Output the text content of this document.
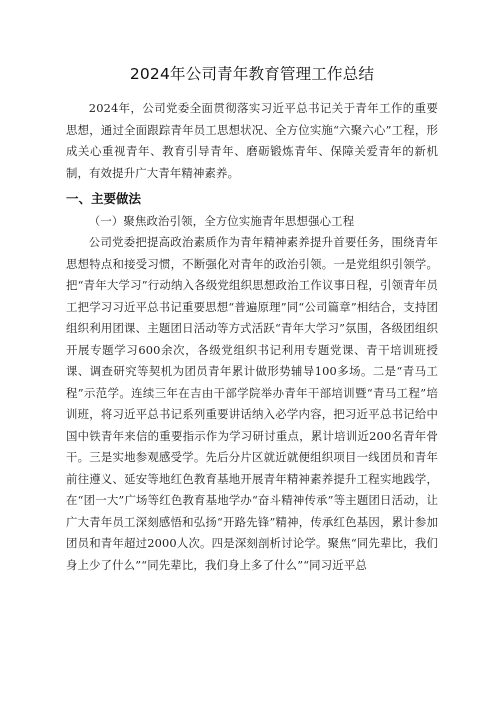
2024年公司青年教育管理工作总结

2024年，公司党委全面贯彻落实习近平总书记关于青年工作的重要思想，通过全面跟踪青年员工思想状况、全方位实施“六聚六心”工程，形成关心重视青年、教育引导青年、磨砺锻炼青年、保障关爱青年的新机制，有效提升广大青年精神素养。

一、主要做法

（一）聚焦政治引领，全方位实施青年思想强心工程

公司党委把提高政治素质作为青年精神素养提升首要任务，围绕青年思想特点和接受习惯，不断强化对青年的政治引领。一是党组织引领学。把“青年大学习”行动纳入各级党组织思想政治工作议事日程，引领青年员工把学习习近平总书记重要思想“普遍原理”同“公司篇章”相结合，支持团组织利用团课、主题团日活动等方式活跃“青年大学习”氛围，各级团组织开展专题学习600余次，各级党组织书记利用专题党课、青干培训班授课、调查研究等契机为团员青年累计做形势辅导100多场。二是“青马工程”示范学。连续三年在吉由干部学院举办青年干部培训暨“青马工程”培训班，将习近平总书记系列重要讲话纳入必学内容，把习近平总书记给中国中铁青年来信的重要指示作为学习研讨重点，累计培训近200名青年骨干。三是实地参观感受学。先后分片区就近就便组织项目一线团员和青年前往遵义、延安等地红色教育基地开展青年精神素养提升工程实地践学，在“团一大”广场等红色教育基地学办“奋斗精神传承”等主题团日活动，让广大青年员工深刻感悟和弘扬“开路先锋”精神，传承红色基因，累计参加团员和青年超过2000人次。四是深刻剖析讨论学。聚焦“同先辈比，我们身上少了什么”“同先辈比，我们身上多了什么”“同习近平总
